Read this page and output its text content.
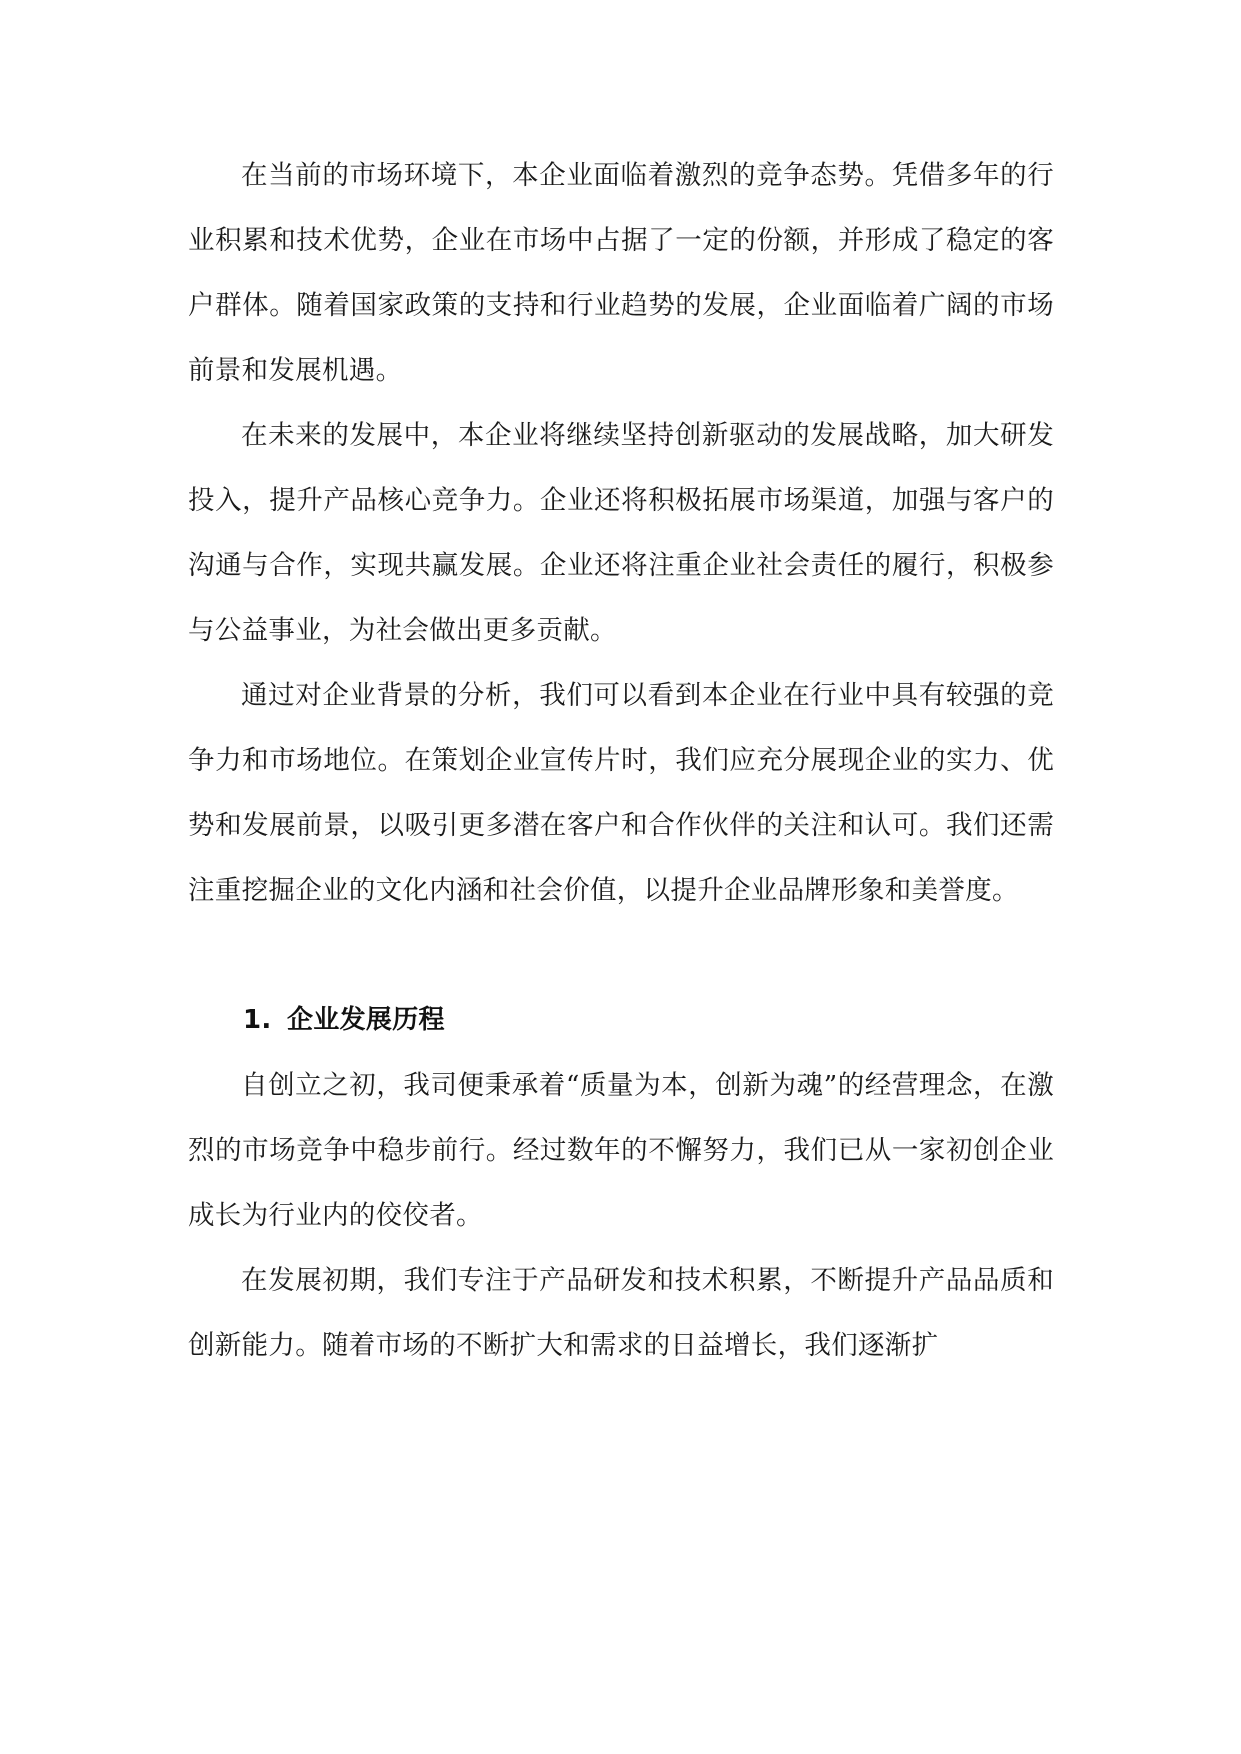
在当前的市场环境下，本企业面临着激烈的竞争态势。凭借多年的行业积累和技术优势，企业在市场中占据了一定的份额，并形成了稳定的客户群体。随着国家政策的支持和行业趋势的发展，企业面临着广阔的市场前景和发展机遇。

在未来的发展中，本企业将继续坚持创新驱动的发展战略，加大研发投入，提升产品核心竞争力。企业还将积极拓展市场渠道，加强与客户的沟通与合作，实现共赢发展。企业还将注重企业社会责任的履行，积极参与公益事业，为社会做出更多贡献。

通过对企业背景的分析，我们可以看到本企业在行业中具有较强的竞争力和市场地位。在策划企业宣传片时，我们应充分展现企业的实力、优势和发展前景，以吸引更多潜在客户和合作伙伴的关注和认可。我们还需注重挖掘企业的文化内涵和社会价值，以提升企业品牌形象和美誉度。

1. 企业发展历程

自创立之初，我司便秉承着“质量为本，创新为魂”的经营理念，在激烈的市场竞争中稳步前行。经过数年的不懈努力，我们已从一家初创企业成长为行业内的佼佼者。

在发展初期，我们专注于产品研发和技术积累，不断提升产品品质和创新能力。随着市场的不断扩大和需求的日益增长，我们逐渐扩
